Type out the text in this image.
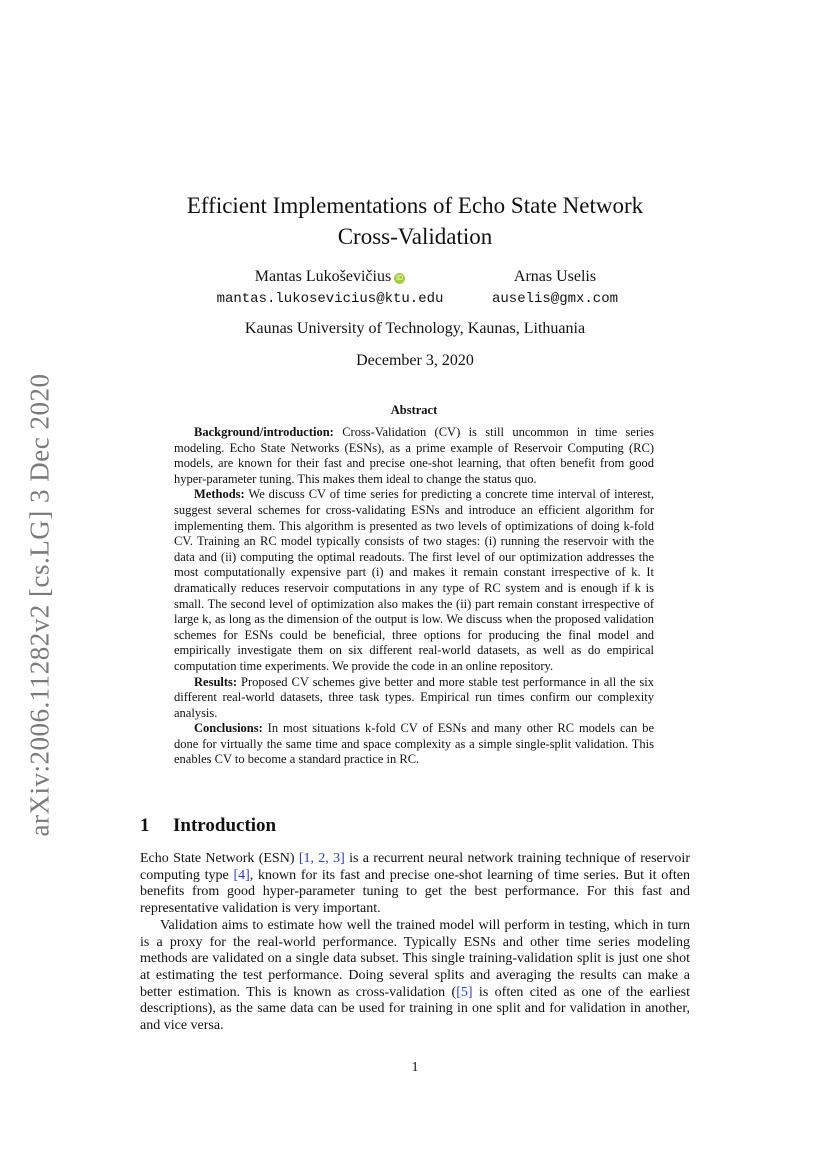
arXiv:2006.11282v2 [cs.LG] 3 Dec 2020
Efficient Implementations of Echo State Network
Cross-Validation
Mantas Lukoševičius iD
mantas.lukosevicius@ktu.edu
Arnas Uselis
auselis@gmx.com
Kaunas University of Technology, Kaunas, Lithuania
December 3, 2020
Abstract

Background/introduction: Cross-Validation (CV) is still uncommon in time series modeling. Echo State Networks (ESNs), as a prime example of Reservoir Computing (RC) models, are known for their fast and precise one-shot learning, that often benefit from good hyper-parameter tuning. This makes them ideal to change the status quo.

Methods: We discuss CV of time series for predicting a concrete time interval of interest, suggest several schemes for cross-validating ESNs and introduce an efficient algorithm for implementing them. This algorithm is presented as two levels of optimizations of doing k-fold CV. Training an RC model typically consists of two stages: (i) running the reservoir with the data and (ii) computing the optimal readouts. The first level of our optimization addresses the most computationally expensive part (i) and makes it remain constant irrespective of k. It dramatically reduces reservoir computations in any type of RC system and is enough if k is small. The second level of optimization also makes the (ii) part remain constant irrespective of large k, as long as the dimension of the output is low. We discuss when the proposed validation schemes for ESNs could be beneficial, three options for producing the final model and empirically investigate them on six different real-world datasets, as well as do empirical computation time experiments. We provide the code in an online repository.

Results: Proposed CV schemes give better and more stable test performance in all the six different real-world datasets, three task types. Empirical run times confirm our complexity analysis.

Conclusions: In most situations k-fold CV of ESNs and many other RC models can be done for virtually the same time and space complexity as a simple single-split validation. This enables CV to become a standard practice in RC.

1 Introduction

Echo State Network (ESN) [1, 2, 3] is a recurrent neural network training technique of reservoir computing type [4], known for its fast and precise one-shot learning of time series. But it often benefits from good hyper-parameter tuning to get the best performance. For this fast and representative validation is very important.

Validation aims to estimate how well the trained model will perform in testing, which in turn is a proxy for the real-world performance. Typically ESNs and other time series modeling methods are validated on a single data subset. This single training-validation split is just one shot at estimating the test performance. Doing several splits and averaging the results can make a better estimation. This is known as cross-validation ([5] is often cited as one of the earliest descriptions), as the same data can be used for training in one split and for validation in another, and vice versa.

1
